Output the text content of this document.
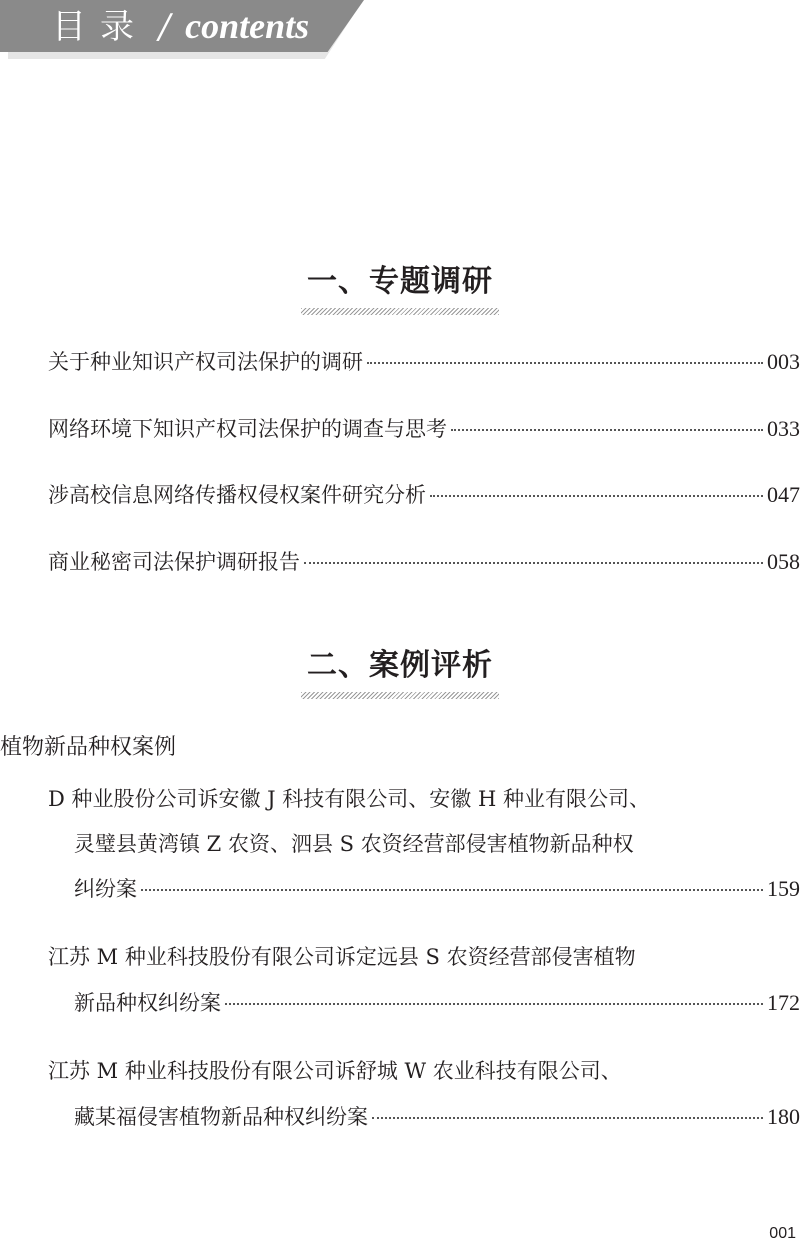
目录 / contents
一、专题调研
关于种业知识产权司法保护的调研	003
网络环境下知识产权司法保护的调查与思考	033
涉高校信息网络传播权侵权案件研究分析	047
商业秘密司法保护调研报告	058
二、案例评析
植物新品种权案例
D 种业股份公司诉安徽 J 科技有限公司、安徽 H 种业有限公司、
灵璧县黄湾镇 Z 农资、泗县 S 农资经营部侵害植物新品种权
纠纷案	159
江苏 M 种业科技股份有限公司诉定远县 S 农资经营部侵害植物
新品种权纠纷案	172
江苏 M 种业科技股份有限公司诉舒城 W 农业科技有限公司、
藏某福侵害植物新品种权纠纷案	180
001
